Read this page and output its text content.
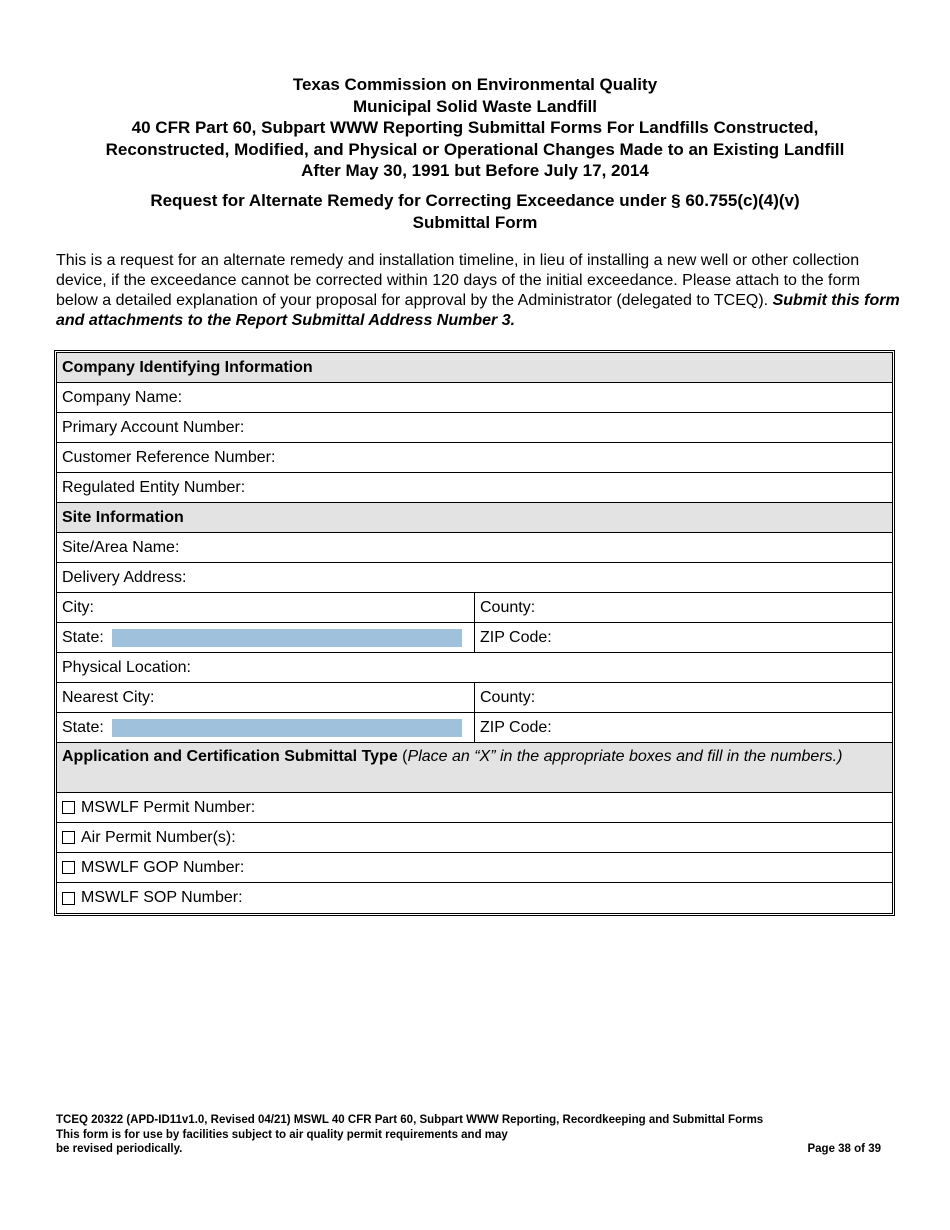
Texas Commission on Environmental Quality
Municipal Solid Waste Landfill
40 CFR Part 60, Subpart WWW Reporting Submittal Forms For Landfills Constructed,
Reconstructed, Modified, and Physical or Operational Changes Made to an Existing Landfill
After May 30, 1991 but Before July 17, 2014
Request for Alternate Remedy for Correcting Exceedance under § 60.755(c)(4)(v)
Submittal Form
This is a request for an alternate remedy and installation timeline, in lieu of installing a new well or other collection device, if the exceedance cannot be corrected within 120 days of the initial exceedance. Please attach to the form below a detailed explanation of your proposal for approval by the Administrator (delegated to TCEQ). Submit this form and attachments to the Report Submittal Address Number 3.
Company Identifying Information
Company Name:
Primary Account Number:
Customer Reference Number:
Regulated Entity Number:
Site Information
Site/Area Name:
Delivery Address:
City:	County:
State:	ZIP Code:
Physical Location:
Nearest City:	County:
State:	ZIP Code:
Application and Certification Submittal Type (Place an “X” in the appropriate boxes and fill in the numbers.)
MSWLF Permit Number:
Air Permit Number(s):
MSWLF GOP Number:
MSWLF SOP Number:
TCEQ 20322 (APD-ID11v1.0, Revised 04/21) MSWL 40 CFR Part 60, Subpart WWW Reporting, Recordkeeping and Submittal Forms
This form is for use by facilities subject to air quality permit requirements and may
be revised periodically.	Page 38 of 39
